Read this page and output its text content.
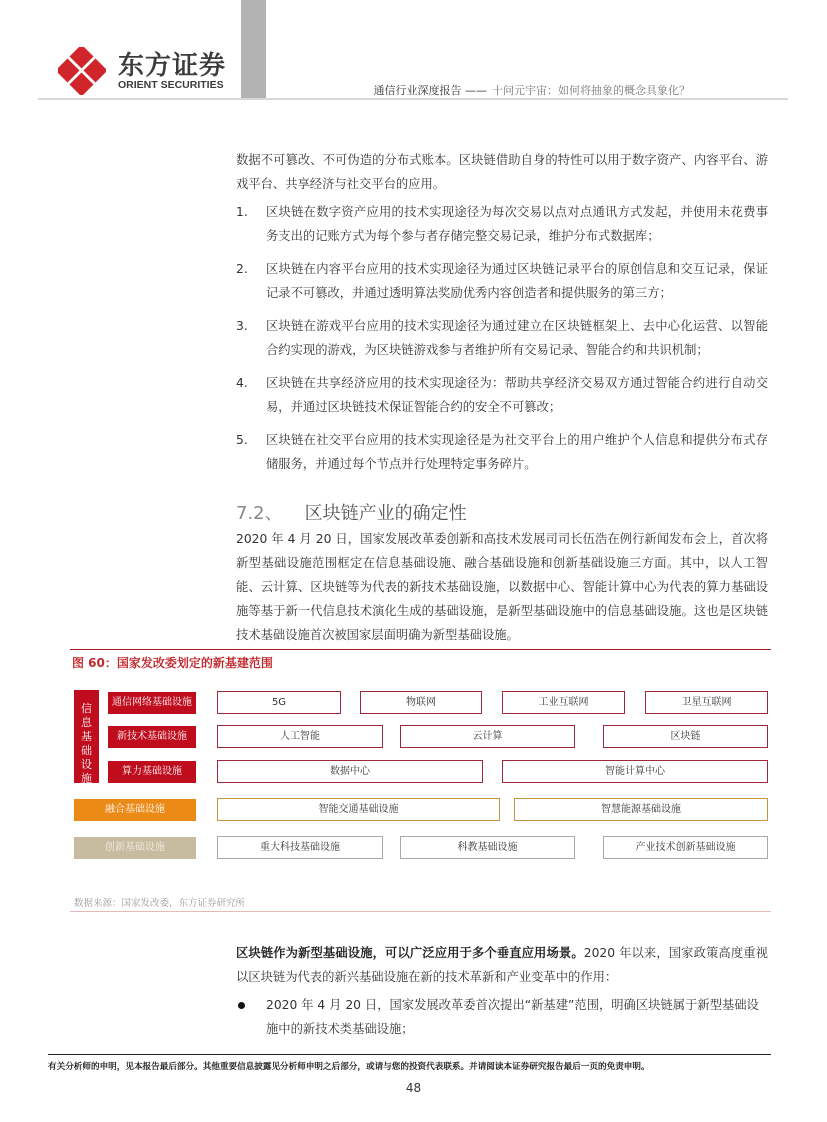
东方证券
ORIENT SECURITIES	通信行业深度报告 —— 十问元宇宙：如何将抽象的概念具象化？
数据不可篡改、不可伪造的分布式账本。区块链借助自身的特性可以用于数字资产、内容平台、游戏平台、共享经济与社交平台的应用。
1. 区块链在数字资产应用的技术实现途径为每次交易以点对点通讯方式发起，并使用未花费事务支出的记账方式为每个参与者存储完整交易记录，维护分布式数据库；
2. 区块链在内容平台应用的技术实现途径为通过区块链记录平台的原创信息和交互记录，保证记录不可篡改，并通过透明算法奖励优秀内容创造者和提供服务的第三方；
3. 区块链在游戏平台应用的技术实现途径为通过建立在区块链框架上、去中心化运营、以智能合约实现的游戏，为区块链游戏参与者维护所有交易记录、智能合约和共识机制；
4. 区块链在共享经济应用的技术实现途径为：帮助共享经济交易双方通过智能合约进行自动交易，并通过区块链技术保证智能合约的安全不可篡改；
5. 区块链在社交平台应用的技术实现途径是为社交平台上的用户维护个人信息和提供分布式存储服务，并通过每个节点并行处理特定事务碎片。
7.2、 区块链产业的确定性
2020 年 4 月 20 日，国家发展改革委创新和高技术发展司司长伍浩在例行新闻发布会上，首次将新型基础设施范围框定在信息基础设施、融合基础设施和创新基础设施三方面。其中，以人工智能、云计算、区块链等为代表的新技术基础设施，以数据中心、智能计算中心为代表的算力基础设施等基于新一代信息技术演化生成的基础设施，是新型基础设施中的信息基础设施。这也是区块链技术基础设施首次被国家层面明确为新型基础设施。
图 60：国家发改委划定的新基建范围
信
息
基
础
设
施
通信网络基础设施	5G	物联网	工业互联网	卫星互联网
新技术基础设施	人工智能	云计算	区块链
算力基础设施	数据中心	智能计算中心
融合基础设施	智能交通基础设施	智慧能源基础设施
创新基础设施	重大科技基础设施	科教基础设施	产业技术创新基础设施
数据来源：国家发改委，东方证券研究所
区块链作为新型基础设施，可以广泛应用于多个垂直应用场景。2020 年以来，国家政策高度重视以区块链为代表的新兴基础设施在新的技术革新和产业变革中的作用：
2020 年 4 月 20 日，国家发展改革委首次提出“新基建”范围，明确区块链属于新型基础设施中的新技术类基础设施；
有关分析师的申明，见本报告最后部分。其他重要信息披露见分析师申明之后部分，或请与您的投资代表联系。并请阅读本证券研究报告最后一页的免责申明。
48
